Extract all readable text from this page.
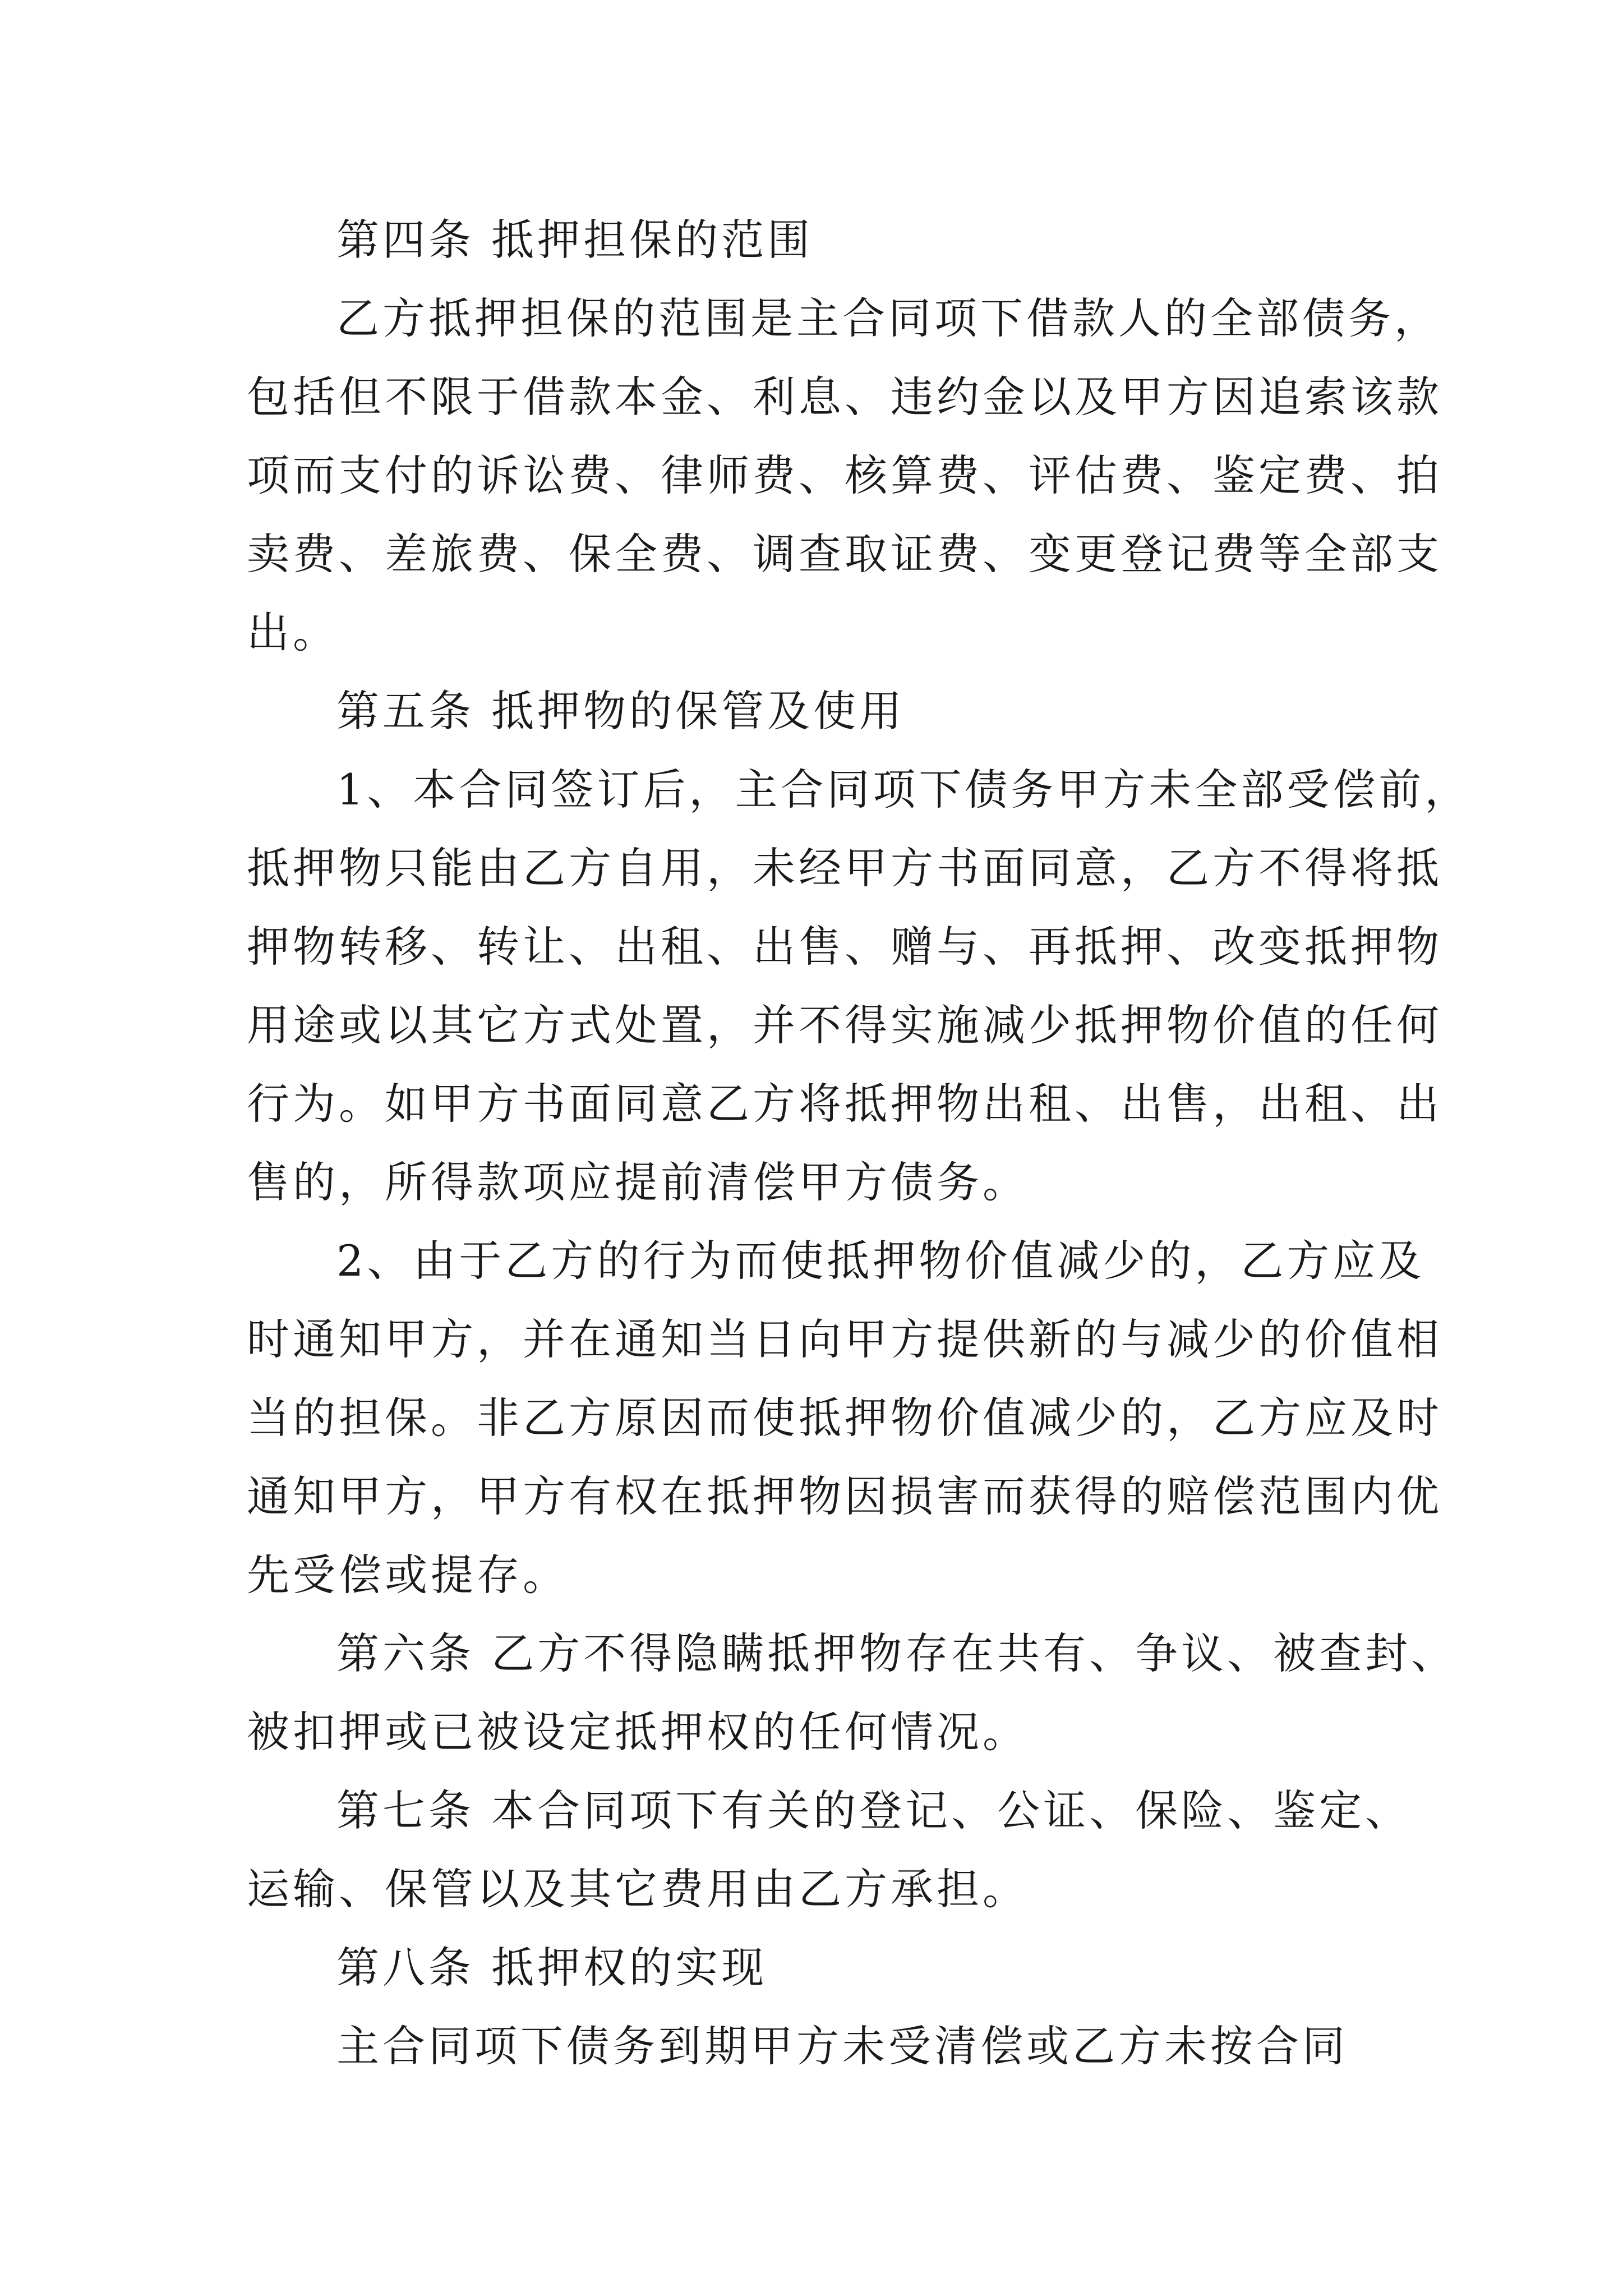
第四条 抵押担保的范围
乙方抵押担保的范围是主合同项下借款人的全部债务，
包括但不限于借款本金、利息、违约金以及甲方因追索该款
项而支付的诉讼费、律师费、核算费、评估费、鉴定费、拍
卖费、差旅费、保全费、调查取证费、变更登记费等全部支
出。
第五条 抵押物的保管及使用
1、本合同签订后，主合同项下债务甲方未全部受偿前，
抵押物只能由乙方自用，未经甲方书面同意，乙方不得将抵
押物转移、转让、出租、出售、赠与、再抵押、改变抵押物
用途或以其它方式处置，并不得实施减少抵押物价值的任何
行为。如甲方书面同意乙方将抵押物出租、出售，出租、出
售的，所得款项应提前清偿甲方债务。
2、由于乙方的行为而使抵押物价值减少的，乙方应及
时通知甲方，并在通知当日向甲方提供新的与减少的价值相
当的担保。非乙方原因而使抵押物价值减少的，乙方应及时
通知甲方，甲方有权在抵押物因损害而获得的赔偿范围内优
先受偿或提存。
第六条 乙方不得隐瞒抵押物存在共有、争议、被查封、
被扣押或已被设定抵押权的任何情况。
第七条 本合同项下有关的登记、公证、保险、鉴定、
运输、保管以及其它费用由乙方承担。
第八条 抵押权的实现
主合同项下债务到期甲方未受清偿或乙方未按合同
